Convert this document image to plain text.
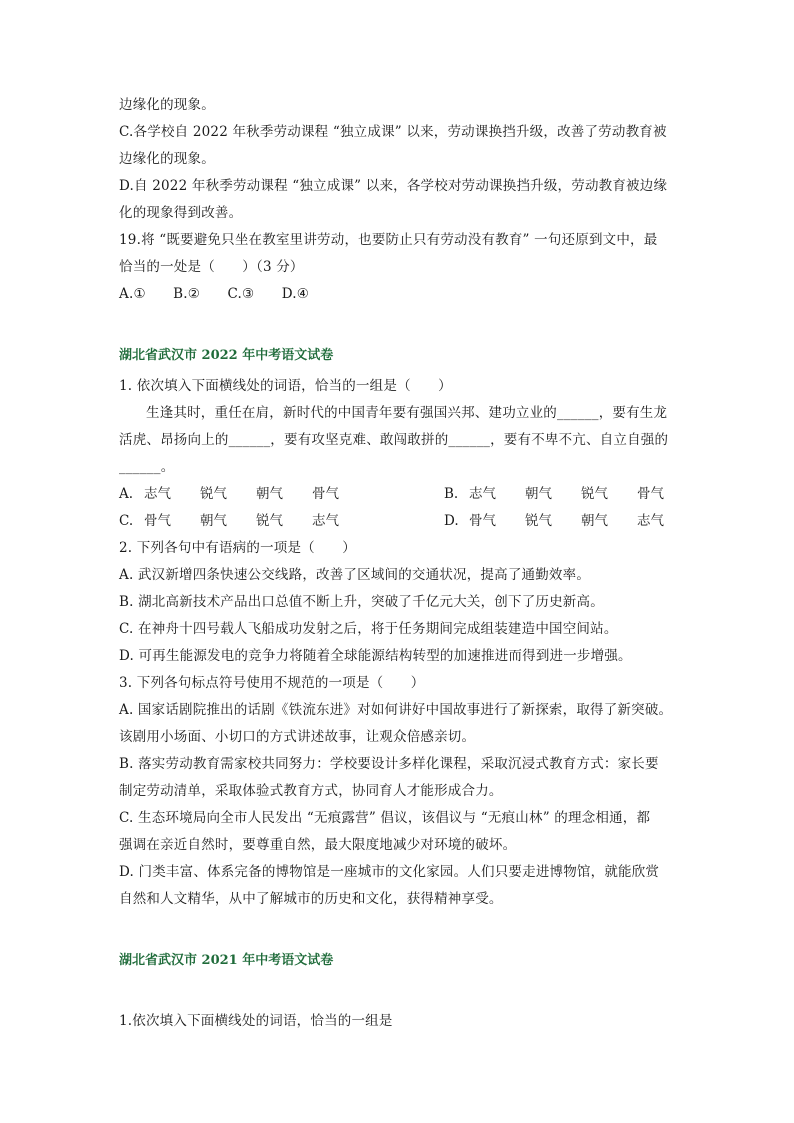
边缘化的现象。
C.各学校自 2022 年秋季劳动课程 “独立成课” 以来，劳动课换挡升级，改善了劳动教育被
边缘化的现象。
D.自 2022 年秋季劳动课程 “独立成课” 以来，各学校对劳动课换挡升级，劳动教育被边缘
化的现象得到改善。
19.将 “既要避免只坐在教室里讲劳动，也要防止只有劳动没有教育” 一句还原到文中，最
恰当的一处是（　　）（3 分）
A.①　　B.②　　C.③　　D.④
湖北省武汉市 2022 年中考语文试卷
1. 依次填入下面横线处的词语，恰当的一组是（　　）
生逢其时，重任在肩，新时代的中国青年要有强国兴邦、建功立业的______，要有生龙
活虎、昂扬向上的______，要有攻坚克难、敢闯敢拼的______，要有不卑不亢、自立自强的
______。
A. 志气	锐气	朝气	骨气	B. 志气	朝气	锐气	骨气
C. 骨气	朝气	锐气	志气	D. 骨气	锐气	朝气	志气
2. 下列各句中有语病的一项是（　　）
A. 武汉新增四条快速公交线路，改善了区域间的交通状况，提高了通勤效率。
B. 湖北高新技术产品出口总值不断上升，突破了千亿元大关，创下了历史新高。
C. 在神舟十四号载人飞船成功发射之后，将于任务期间完成组装建造中国空间站。
D. 可再生能源发电的竞争力将随着全球能源结构转型的加速推进而得到进一步增强。
3. 下列各句标点符号使用不规范的一项是（　　）
A. 国家话剧院推出的话剧《铁流东进》对如何讲好中国故事进行了新探索，取得了新突破。
该剧用小场面、小切口的方式讲述故事，让观众倍感亲切。
B. 落实劳动教育需家校共同努力：学校要设计多样化课程，采取沉浸式教育方式：家长要
制定劳动清单，采取体验式教育方式，协同育人才能形成合力。
C. 生态环境局向全市人民发出 “无痕露营” 倡议，该倡议与 “无痕山林” 的理念相通，都
强调在亲近自然时，要尊重自然，最大限度地减少对环境的破坏。
D. 门类丰富、体系完备的博物馆是一座城市的文化家园。人们只要走进博物馆，就能欣赏
自然和人文精华，从中了解城市的历史和文化，获得精神享受。
湖北省武汉市 2021 年中考语文试卷
1.依次填入下面横线处的词语，恰当的一组是
